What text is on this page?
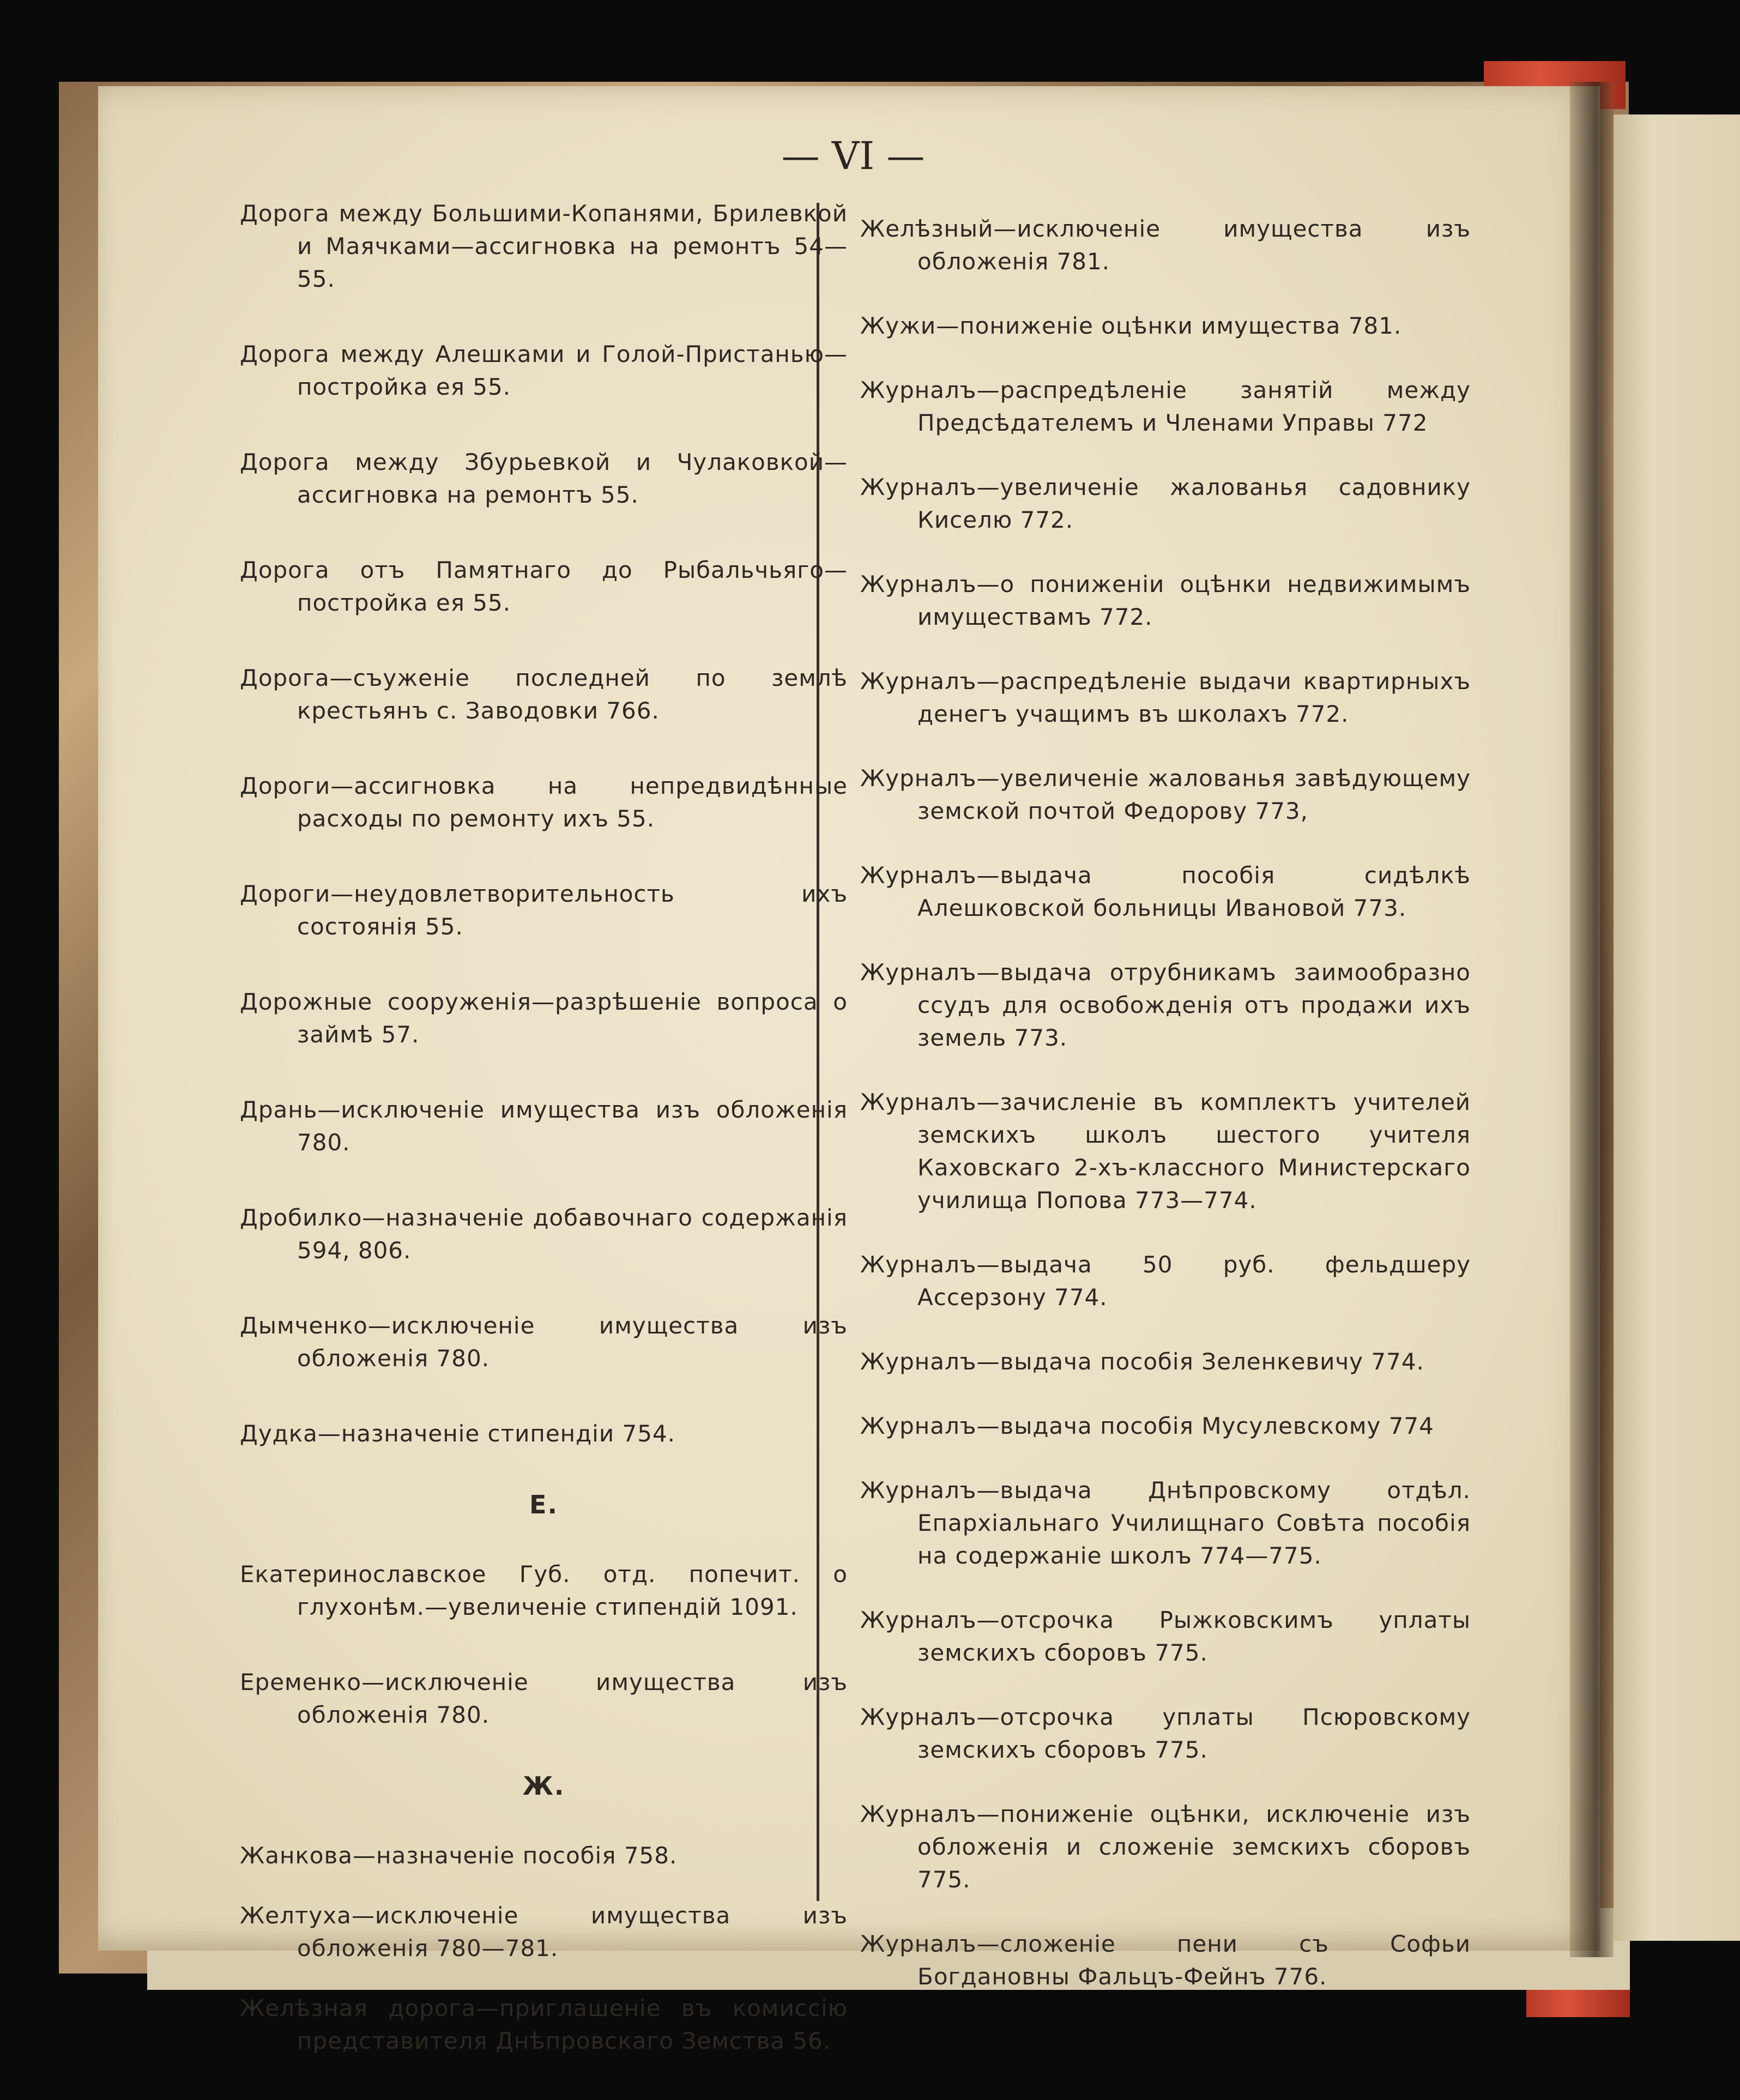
— VI —

Дорога между Большими-Копанями, Брилевкой и Маячками—ассигновка на ремонтъ 54—55.

Дорога между Алешками и Голой-Пристанью—постройка ея 55.

Дорога между Збурьевкой и Чулаковкой—ассигновка на ремонтъ 55.

Дорога отъ Памятнаго до Рыбальчьяго—постройка ея 55.

Дорога—съуженіе последней по землѣ крестьянъ с. Заводовки 766.

Дороги—ассигновка на непредвидѣнные расходы по ремонту ихъ 55.

Дороги—неудовлетворительность ихъ состоянія 55.

Дорожные сооруженія—разрѣшеніе вопроса о займѣ 57.

Дрань—исключеніе имущества изъ обложенія 780.

Дробилко—назначеніе добавочнаго содержанія 594, 806.

Дымченко—исключеніе имущества изъ обложенія 780.

Дудка—назначеніе стипендіи 754.

Е.

Екатеринославское Губ. отд. попечит. о глухонѣм.—увеличеніе стипендій 1091.

Еременко—исключеніе имущества изъ обложенія 780.

Ж.

Жанкова—назначеніе пособія 758.

Желтуха—исключеніе имущества изъ обложенія 780—781.

Желѣзная дорога—приглашеніе въ комиссію представителя Днѣпровскаго Земства 56.

Желѣзный—исключеніе имущества изъ обложенія 781.

Жужи—пониженіе оцѣнки имущества 781.

Журналъ—распредѣленіе занятій между Предсѣдателемъ и Членами Управы 772

Журналъ—увеличеніе жалованья садовнику Киселю 772.

Журналъ—о пониженіи оцѣнки недвижимымъ имуществамъ 772.

Журналъ—распредѣленіе выдачи квартирныхъ денегъ учащимъ въ школахъ 772.

Журналъ—увеличеніе жалованья завѣдующему земской почтой Федорову 773,

Журналъ—выдача пособія сидѣлкѣ Алешковской больницы Ивановой 773.

Журналъ—выдача отрубникамъ заимообразно ссудъ для освобожденія отъ продажи ихъ земель 773.

Журналъ—зачисленіе въ комплектъ учителей земскихъ школъ шестого учителя Каховскаго 2-хъ-классного Министерскаго училища Попова 773—774.

Журналъ—выдача 50 руб. фельдшеру Ассерзону 774.

Журналъ—выдача пособія Зеленкевичу 774.

Журналъ—выдача пособія Мусулевскому 774

Журналъ—выдача Днѣпровскому отдѣл. Епархіальнаго Училищнаго Совѣта пособія на содержаніе школъ 774—775.

Журналъ—отсрочка Рыжковскимъ уплаты земскихъ сборовъ 775.

Журналъ—отсрочка уплаты Псюровскому земскихъ сборовъ 775.

Журналъ—пониженіе оцѣнки, исключеніе изъ обложенія и сложеніе земскихъ сборовъ 775.

Журналъ—сложеніе пени съ Софьи Богдановны Фальцъ-Фейнъ 776.
